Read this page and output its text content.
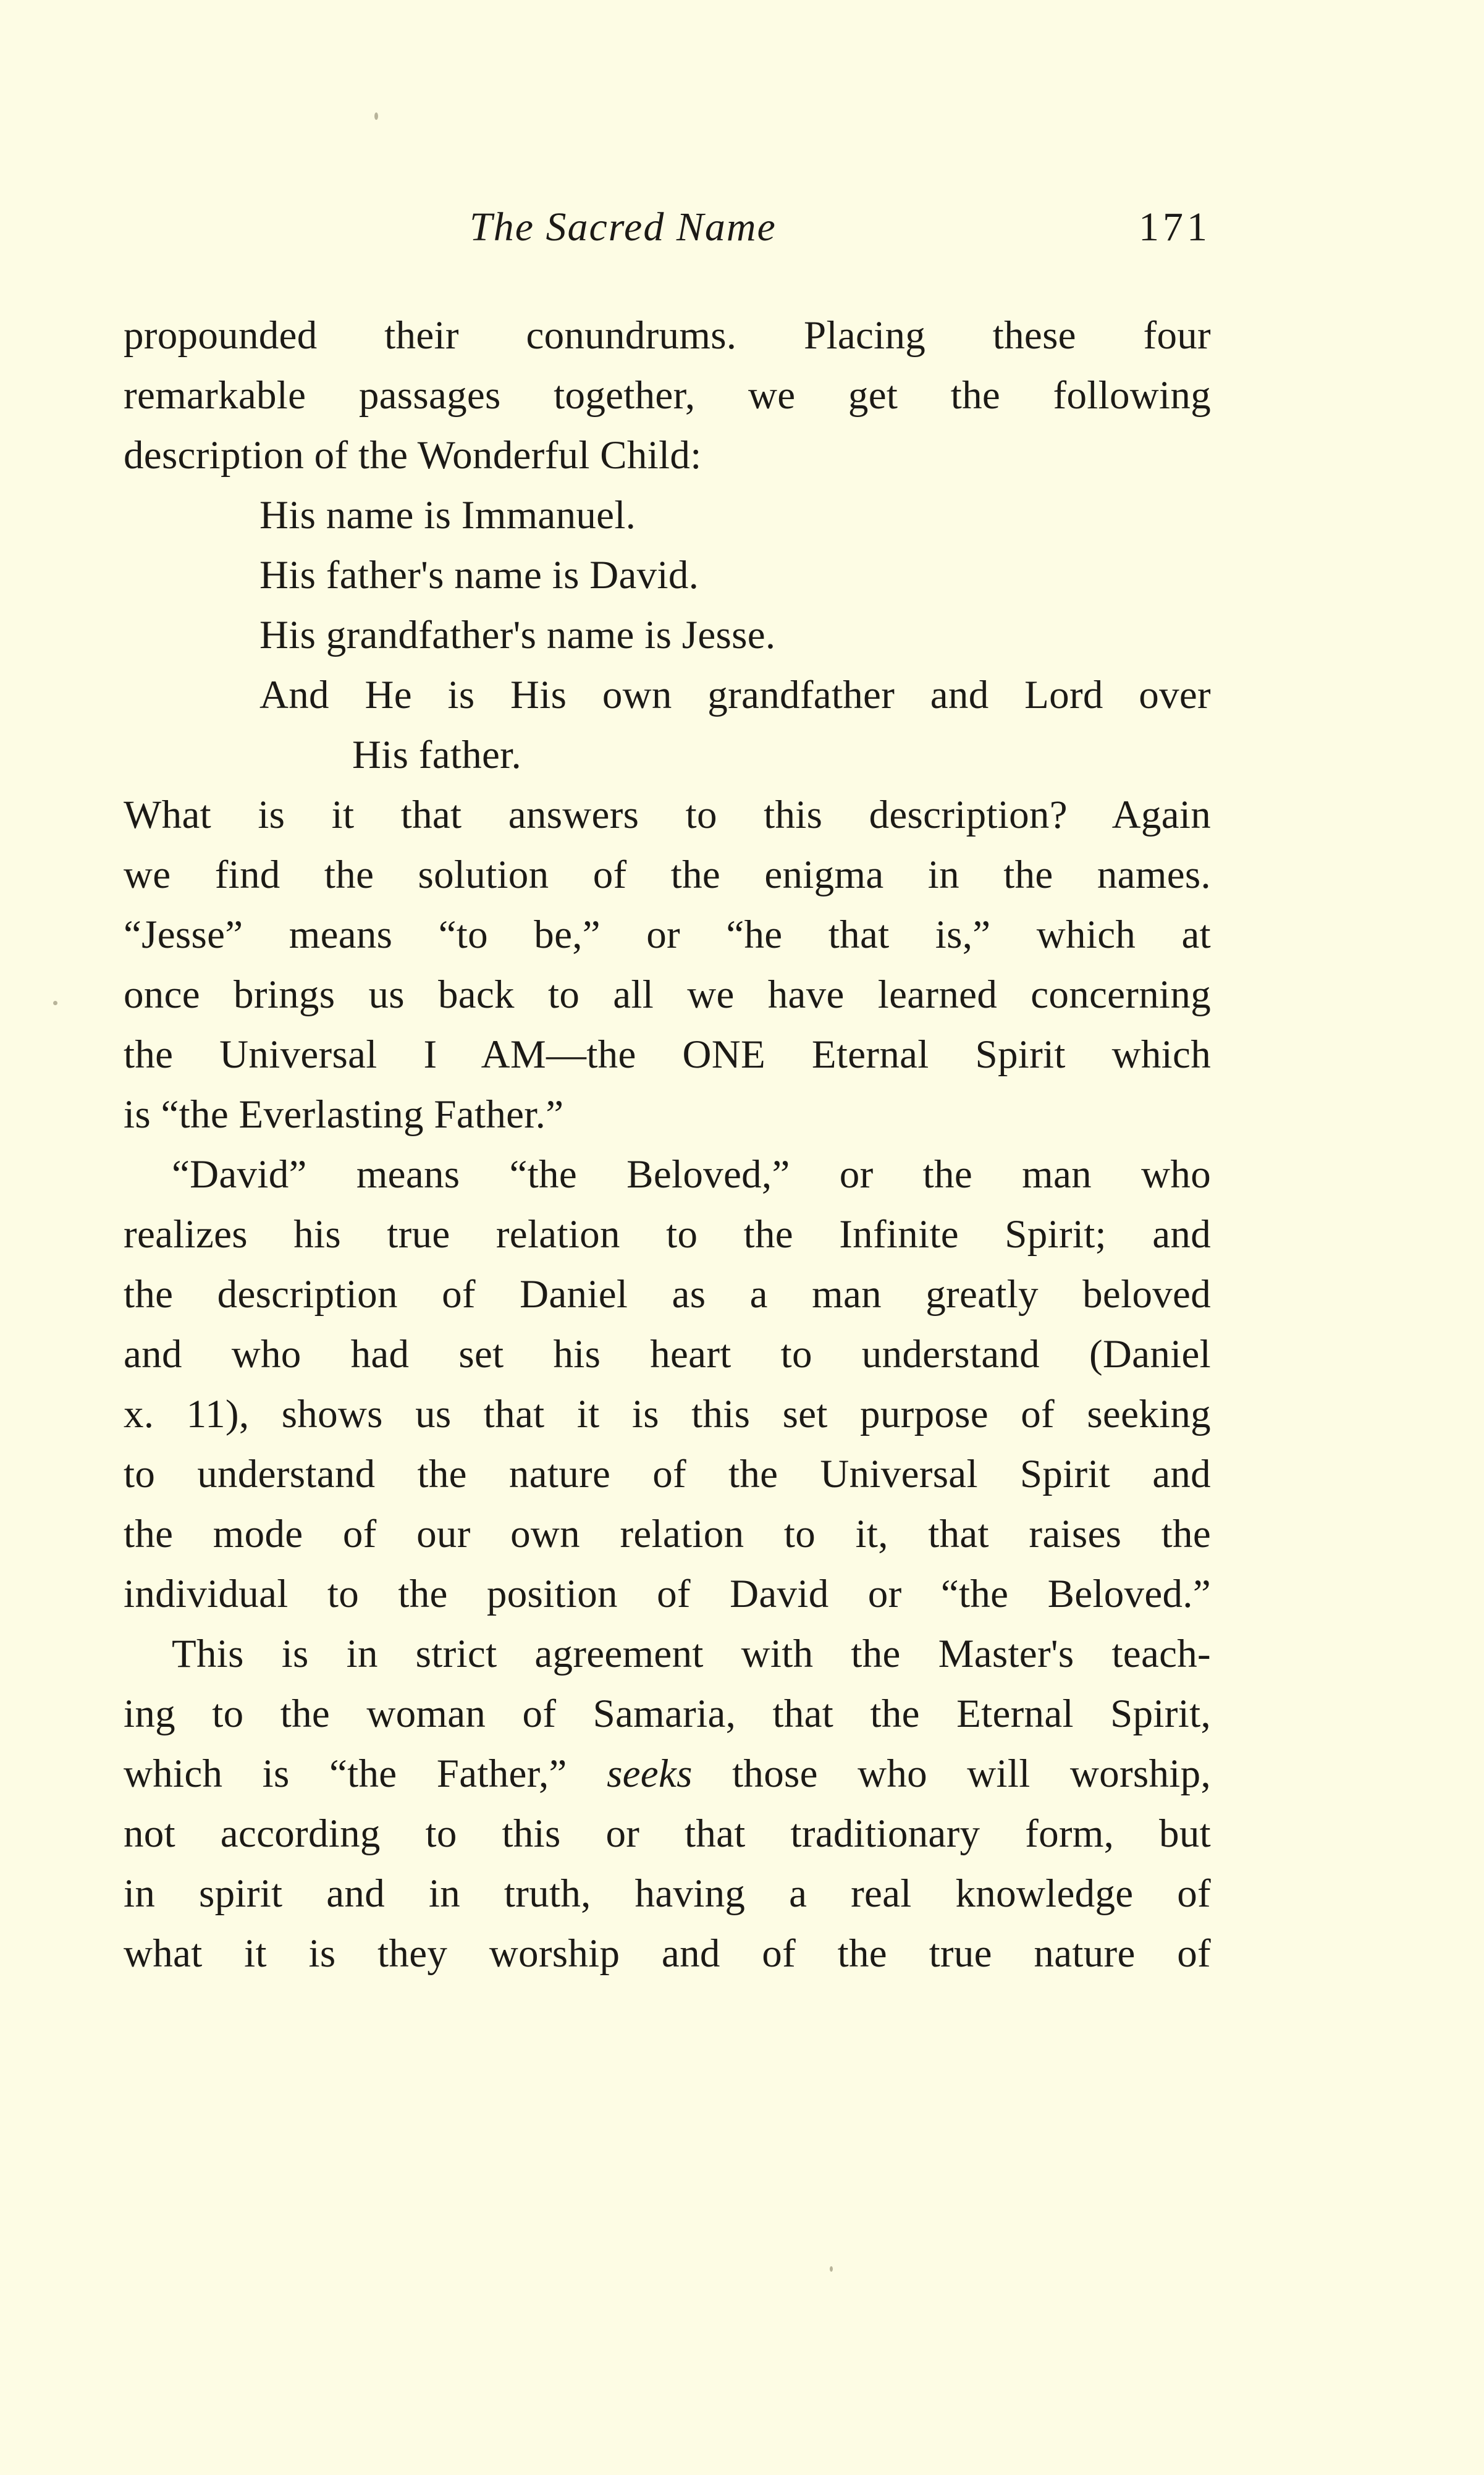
The Sacred Name	171
propounded their conundrums. Placing these four
remarkable passages together, we get the following
description of the Wonderful Child:
His name is Immanuel.
His father's name is David.
His grandfather's name is Jesse.
And He is His own grandfather and Lord over
His father.
What is it that answers to this description? Again
we find the solution of the enigma in the names.
“Jesse” means “to be,” or “he that is,” which at
once brings us back to all we have learned concerning
the Universal I AM—the ONE Eternal Spirit which
is “the Everlasting Father.”
“David” means “the Beloved,” or the man who
realizes his true relation to the Infinite Spirit; and
the description of Daniel as a man greatly beloved
and who had set his heart to understand (Daniel
x. 11), shows us that it is this set purpose of seeking
to understand the nature of the Universal Spirit and
the mode of our own relation to it, that raises the
individual to the position of David or “the Beloved.”
This is in strict agreement with the Master's teach-
ing to the woman of Samaria, that the Eternal Spirit,
which is “the Father,” seeks those who will worship,
not according to this or that traditionary form, but
in spirit and in truth, having a real knowledge of
what it is they worship and of the true nature of
